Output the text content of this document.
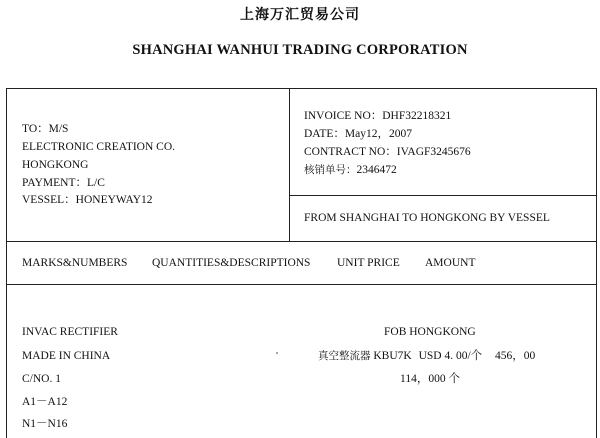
上海万汇贸易公司
SHANGHAI WANHUI TRADING CORPORATION
TO：M/S
ELECTRONIC CREATION CO.
HONGKONG
PAYMENT：L/C
VESSEL：HONEYWAY12
INVOICE NO：DHF32218321
DATE：May12，2007
CONTRACT NO：IVAGF3245676
核销单号：2346472
FROM SHANGHAI TO HONGKONG BY VESSEL
MARKS&NUMBERS QUANTITIES&DESCRIPTIONS UNIT PRICE AMOUNT
INVAC RECTIFIER
MADE IN CHINA
C/NO. 1
A1－A12
N1－N16
FOB HONGKONG
真空整流器 KBU7K USD 4. 00/个 456，00
114，000 个
